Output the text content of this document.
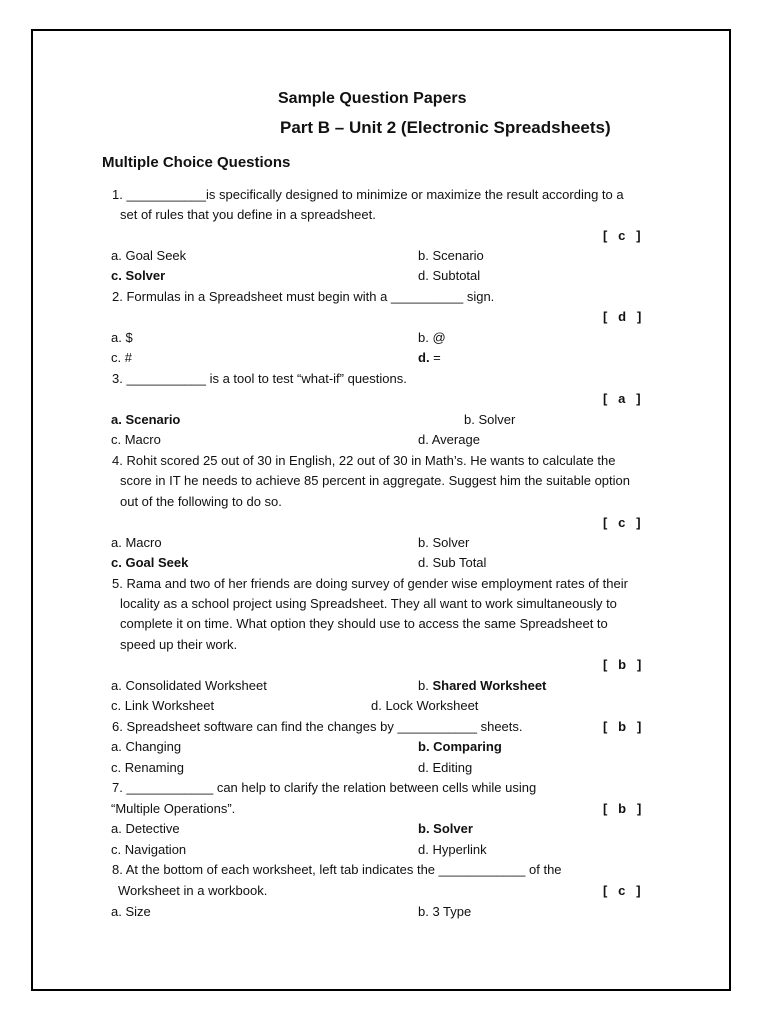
Sample Question Papers
Part B – Unit 2 (Electronic Spreadsheets)
Multiple Choice Questions
1. ___________is specifically designed to minimize or maximize the result according to a
set of rules that you define in a spreadsheet.
[   c   ]
a. Goal Seek	b. Scenario
c. Solver	d. Subtotal
2. Formulas in a Spreadsheet must begin with a __________ sign.
[   d   ]
a. $	b. @
c. #	d. =
3. ___________ is a tool to test “what-if” questions.
[   a   ]
a. Scenario	b. Solver
c. Macro	d. Average
4. Rohit scored 25 out of 30 in English, 22 out of 30 in Math’s. He wants to calculate the
score in IT he needs to achieve 85 percent in aggregate. Suggest him the suitable option
out of the following to do so.
[   c   ]
a. Macro	b. Solver
c. Goal Seek	d. Sub Total
5. Rama and two of her friends are doing survey of gender wise employment rates of their
locality as a school project using Spreadsheet. They all want to work simultaneously to
complete it on time. What option they should use to access the same Spreadsheet to
speed up their work.
[   b   ]
a. Consolidated Worksheet	b. Shared Worksheet
c. Link Worksheet	d. Lock Worksheet
6. Spreadsheet software can find the changes by ___________ sheets.	[   b   ]
a. Changing	b. Comparing
c. Renaming	d. Editing
7. ____________ can help to clarify the relation between cells while using
“Multiple Operations”.	[   b   ]
a. Detective	b. Solver
c. Navigation	d. Hyperlink
8. At the bottom of each worksheet, left tab indicates the ____________ of the
Worksheet in a workbook.	[   c   ]
a. Size	b. 3 Type
